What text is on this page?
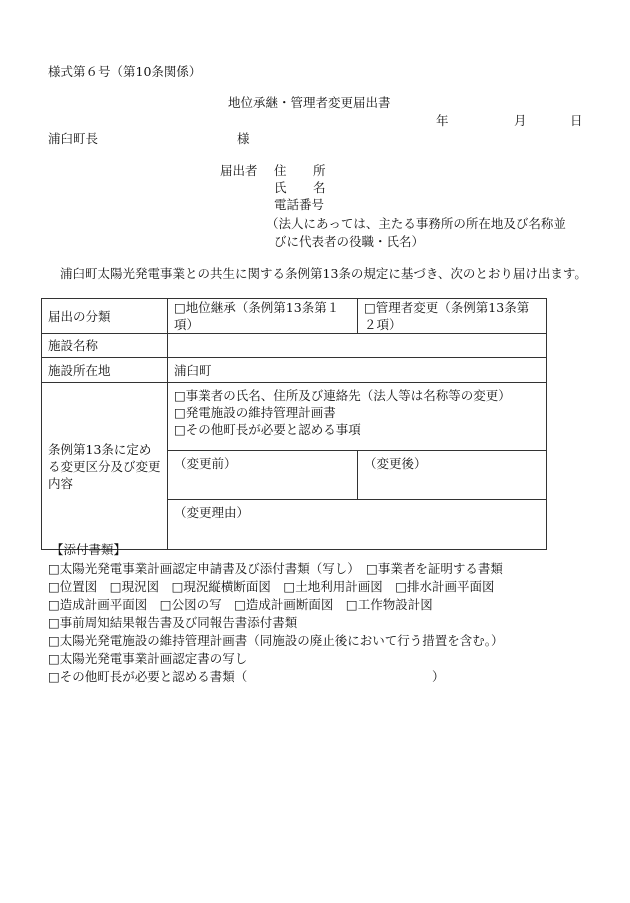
様式第６号（第10条関係）
地位承継・管理者変更届出書
年	月	日
浦臼町長	様
届出者 住 所
氏 名
電話番号
（法人にあっては、主たる事務所の所在地及び名称並
びに代表者の役職・氏名）
浦臼町太陽光発電事業との共生に関する条例第13条の規定に基づき、次のとおり届け出ます。
届出の分類	□地位継承（条例第13条第１項）	□管理者変更（条例第13条第２項）
施設名称		
施設所在地	浦臼町	
条例第13条に定める変更区分及び変更内容	□事業者の氏名、住所及び連絡先（法人等は名称等の変更）
□発電施設の維持管理計画書
□その他町長が必要と認める事項	

	（変更前）	（変更後）
	（変更理由）	
【添付書類】
□太陽光発電事業計画認定申請書及び添付書類（写し）　□事業者を証明する書類
□位置図　□現況図　□現況縦横断面図　□土地利用計画図　□排水計画平面図
□造成計画平面図　□公図の写　□造成計画断面図　□工作物設計図
□事前周知結果報告書及び同報告書添付書類
□太陽光発電施設の維持管理計画書（同施設の廃止後において行う措置を含む。）
□太陽光発電事業計画認定書の写し
□その他町長が必要と認める書類（	）
